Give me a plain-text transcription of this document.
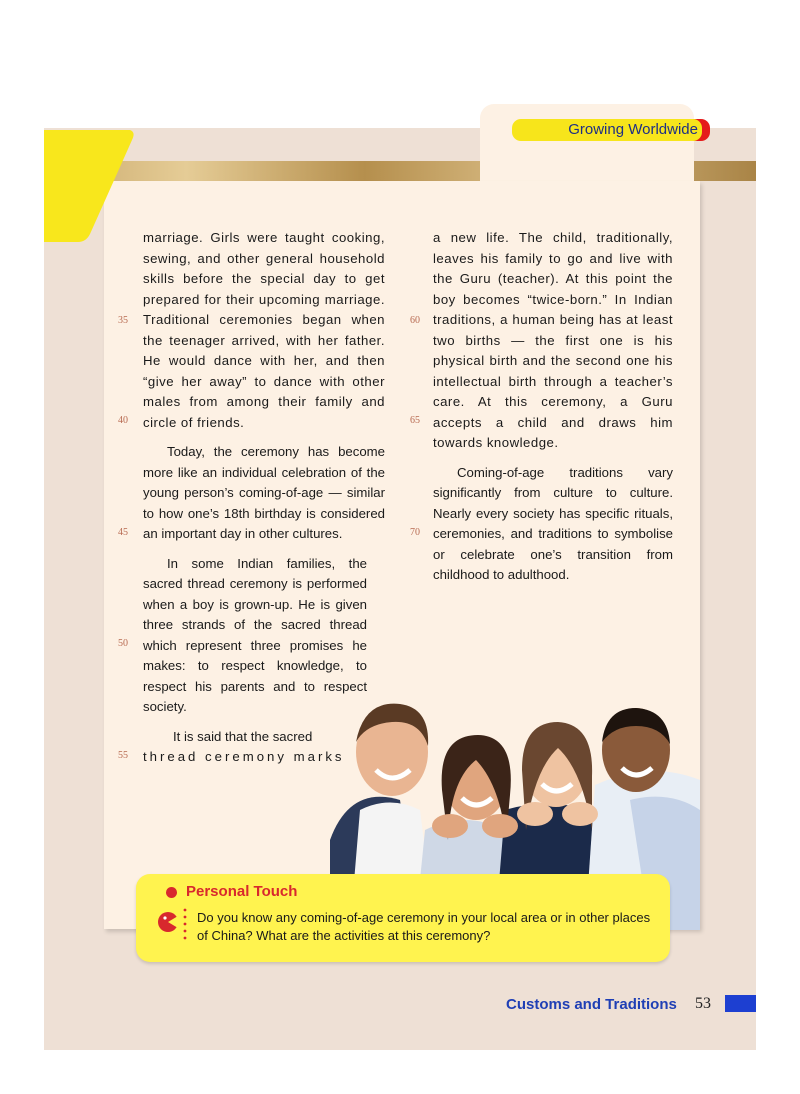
Growing Worldwide

marriage. Girls were taught cooking, sewing, and other general household skills before the special day to get prepared for their upcoming marriage. Traditional ceremonies began when the teenager arrived, with her father. He would dance with her, and then “give her away” to dance with other males from among their family and circle of friends.

Today, the ceremony has become more like an individual celebration of the young person’s coming-of-age — similar to how one’s 18th birthday is considered an important day in other cultures.

In some Indian families, the sacred thread ceremony is performed when a boy is grown-up. He is given three strands of the sacred thread which represent three promises he makes: to respect knowledge, to respect his parents and to respect society.

It is said that the sacred

thread ceremony marks

a new life. The child, traditionally, leaves his family to go and live with the Guru (teacher). At this point the boy becomes “twice-born.” In Indian traditions, a human being has at least two births — the first one is his physical birth and the second one his intellectual birth through a teacher’s care. At this ceremony, a Guru accepts a child and draws him towards knowledge.

Coming-of-age traditions vary significantly from culture to culture. Nearly every society has specific rituals, ceremonies, and traditions to symbolise or celebrate one’s transition from childhood to adulthood.

35
40
45
50
55
60
65
70
Personal Touch
Do you know any coming-of-age ceremony in your local area or in other places of China? What are the activities at this ceremony?
Customs and Traditions 53
